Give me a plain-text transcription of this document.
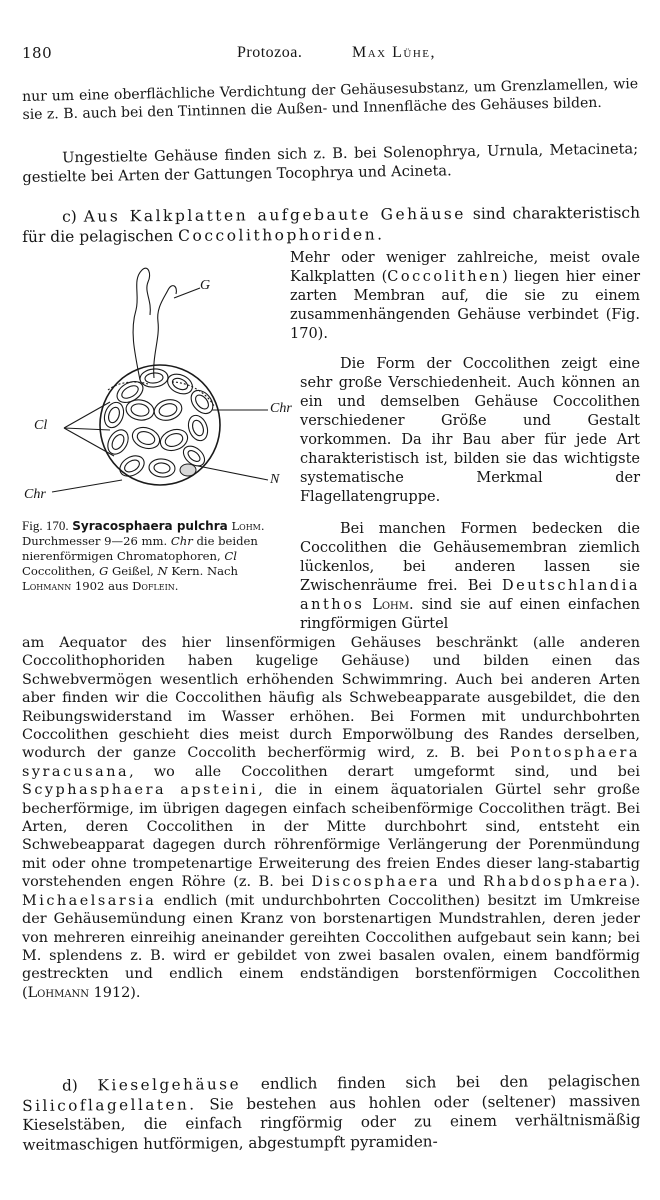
180	Protozoa.	Max Lühe,

nur um eine oberflächliche Verdichtung der Gehäusesubstanz, um Grenzlamellen, wie sie z. B. auch bei den Tintinnen die Außen- und Innenfläche des Gehäuses bilden.

Ungestielte Gehäuse finden sich z. B. bei Solenophrya, Urnula, Metacineta; gestielte bei Arten der Gattungen Tocophrya und Acineta.

c) Aus Kalkplatten aufgebaute Gehäuse sind charakteristisch für die pelagischen Coccolithophoriden.

Mehr oder weniger zahlreiche, meist ovale Kalkplatten (Coccolithen) liegen hier einer zarten Membran auf, die sie zu einem zusammenhängenden Gehäuse verbindet (Fig. 170).

G
Chr
Cl
N
Chr
Fig. 170. Syracosphaera pulchra Lohm. Durchmesser 9—26 mm. Chr die beiden nierenförmigen Chromatophoren, Cl Coccolithen, G Geißel, N Kern. Nach Lohmann 1902 aus Doflein.

Die Form der Coccolithen zeigt eine sehr große Verschiedenheit. Auch können an ein und demselben Gehäuse Coccolithen verschiedener Größe und Gestalt vorkommen. Da ihr Bau aber für jede Art charakteristisch ist, bilden sie das wichtigste systematische Merkmal der Flagellatengruppe.

Bei manchen Formen bedecken die Coccolithen die Gehäusemembran ziemlich lückenlos, bei anderen lassen sie Zwischenräume frei. Bei Deutschlandia anthos Lohm. sind sie auf einen einfachen ringförmigen Gürtel

am Aequator des hier linsenförmigen Gehäuses beschränkt (alle anderen Coccolithophoriden haben kugelige Gehäuse) und bilden einen das Schwebvermögen wesentlich erhöhenden Schwimmring. Auch bei anderen Arten aber finden wir die Coccolithen häufig als Schwebeapparate ausgebildet, die den Reibungswiderstand im Wasser erhöhen. Bei Formen mit undurchbohrten Coccolithen geschieht dies meist durch Emporwölbung des Randes derselben, wodurch der ganze Coccolith becherförmig wird, z. B. bei Pontosphaera syracusana, wo alle Coccolithen derart umgeformt sind, und bei Scyphasphaera apsteini, die in einem äquatorialen Gürtel sehr große becherförmige, im übrigen dagegen einfach scheibenförmige Coccolithen trägt. Bei Arten, deren Coccolithen in der Mitte durchbohrt sind, entsteht ein Schwebeapparat dagegen durch röhrenförmige Verlängerung der Porenmündung mit oder ohne trompetenartige Erweiterung des freien Endes dieser lang-stabartig vorstehenden engen Röhre (z. B. bei Discosphaera und Rhabdosphaera). Michaelsarsia endlich (mit undurchbohrten Coccolithen) besitzt im Umkreise der Gehäusemündung einen Kranz von borstenartigen Mundstrahlen, deren jeder von mehreren einreihig aneinander gereihten Coccolithen aufgebaut sein kann; bei M. splendens z. B. wird er gebildet von zwei basalen ovalen, einem bandförmig gestreckten und endlich einem endständigen borstenförmigen Coccolithen (Lohmann 1912).

d) Kieselgehäuse endlich finden sich bei den pelagischen Silicoflagellaten. Sie bestehen aus hohlen oder (seltener) massiven Kieselstäben, die einfach ringförmig oder zu einem verhältnismäßig weitmaschigen hutförmigen, abgestumpft pyramiden-
